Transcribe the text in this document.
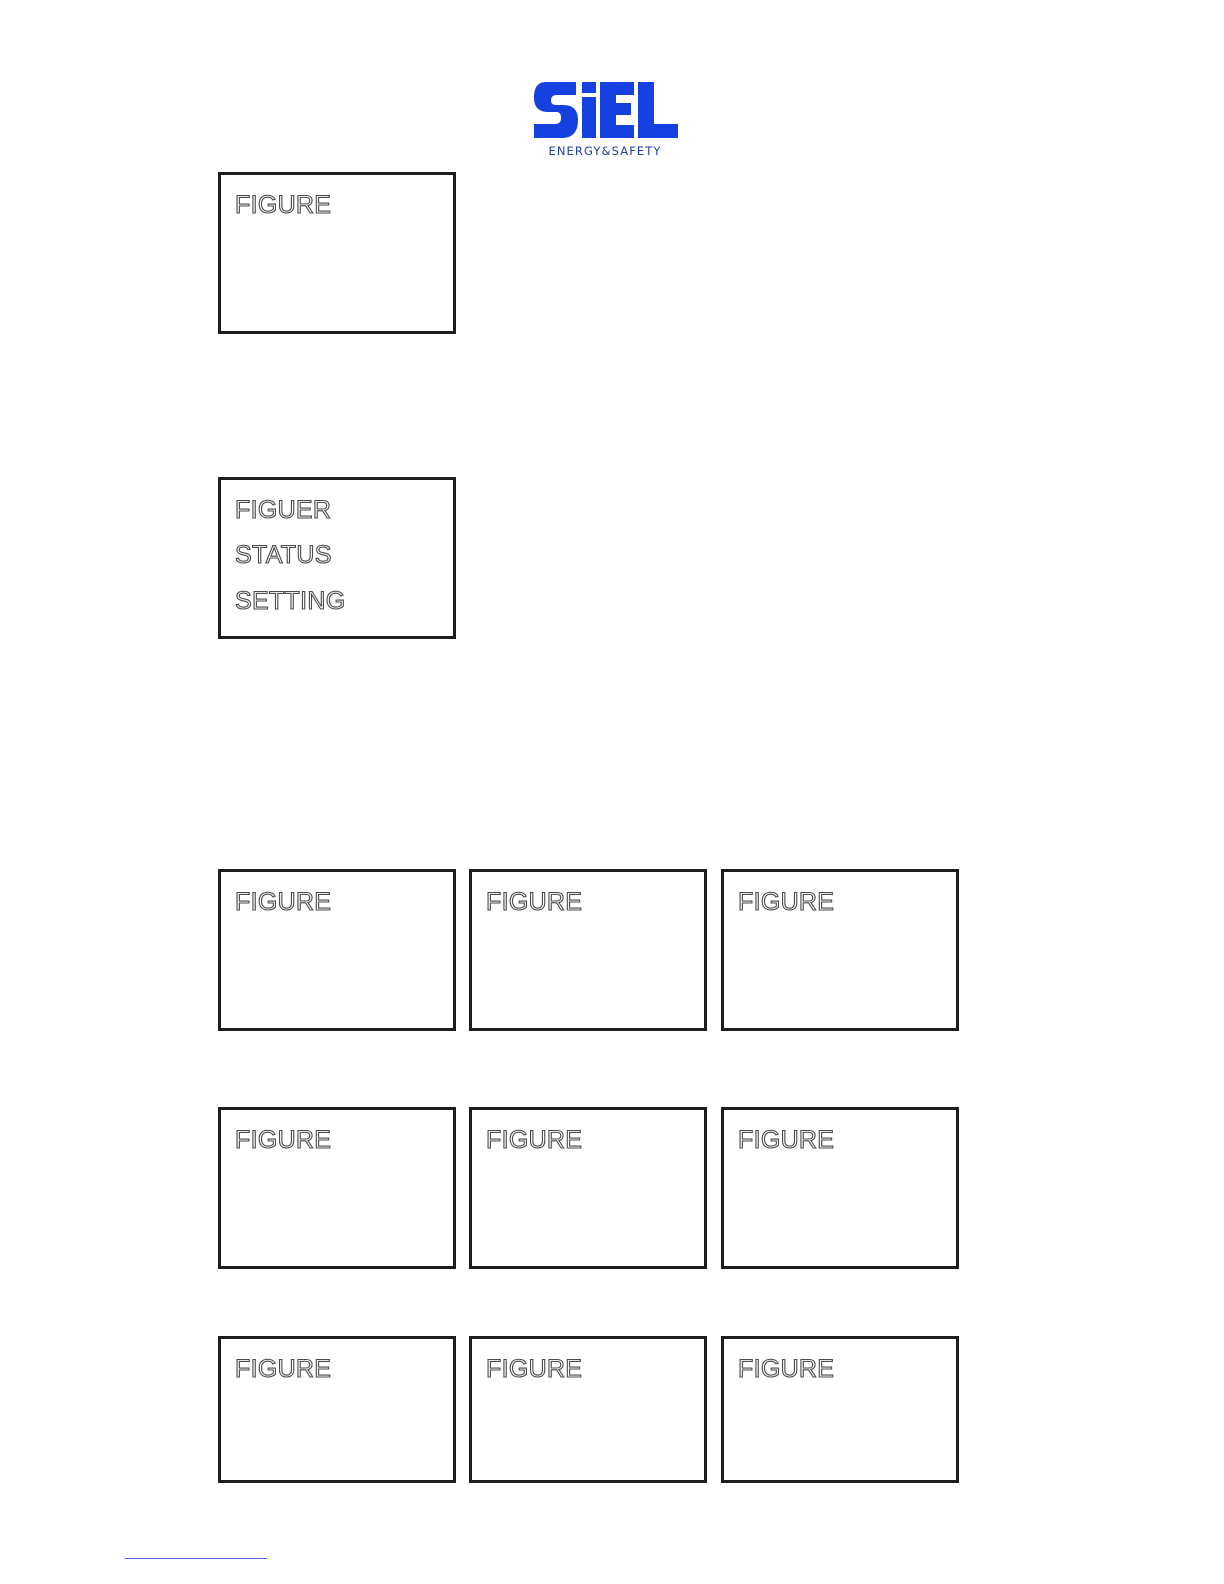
ENERGY&SAFETY
FIGURE
FIGUER
STATUS
SETTING
FIGURE	FIGURE	FIGURE
FIGURE	FIGURE	FIGURE
FIGURE	FIGURE	FIGURE
